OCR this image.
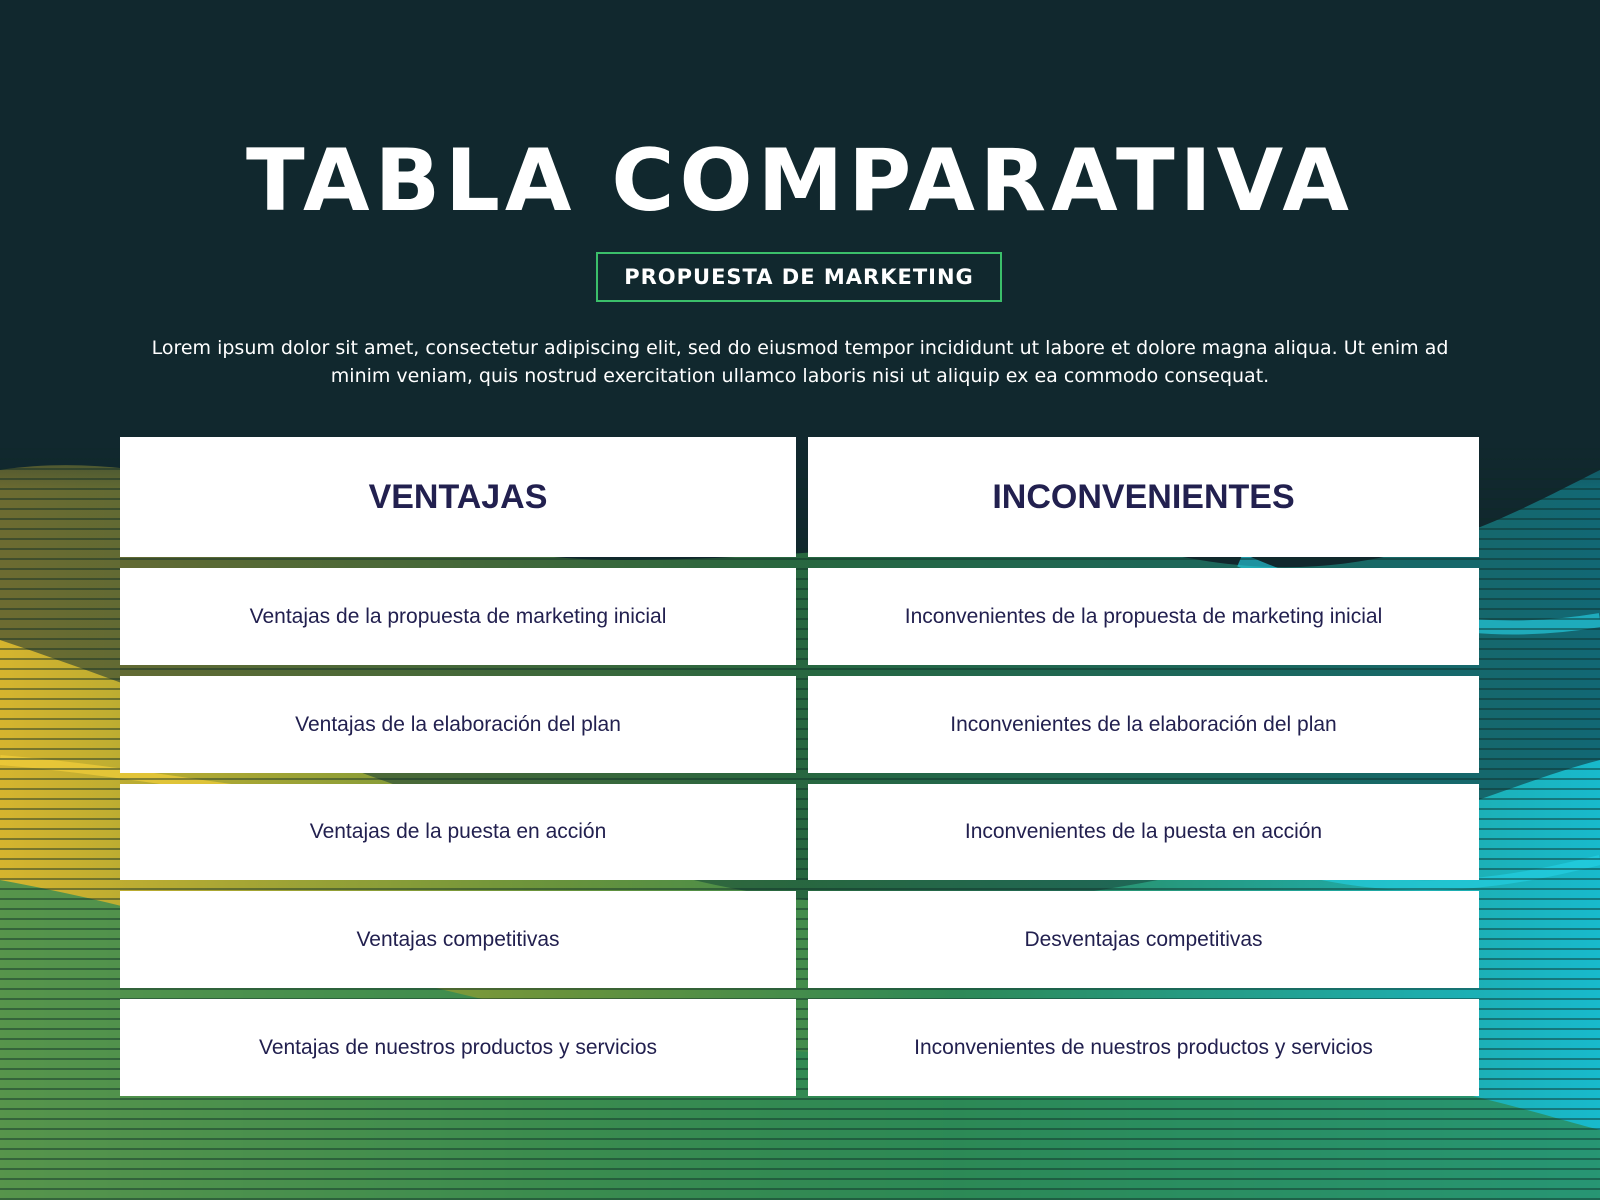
TABLA COMPARATIVA
PROPUESTA DE MARKETING

Lorem ipsum dolor sit amet, consectetur adipiscing elit, sed do eiusmod tempor incididunt ut labore et dolore magna aliqua. Ut enim ad minim veniam, quis nostrud exercitation ullamco laboris nisi ut aliquip ex ea commodo consequat.

VENTAJAS	INCONVENIENTES
Ventajas de la propuesta de marketing inicial	Inconvenientes de la propuesta de marketing inicial
Ventajas de la elaboración del plan	Inconvenientes de la elaboración del plan
Ventajas de la puesta en acción	Inconvenientes de la puesta en acción
Ventajas competitivas	Desventajas competitivas
Ventajas de nuestros productos y servicios	Inconvenientes de nuestros productos y servicios
